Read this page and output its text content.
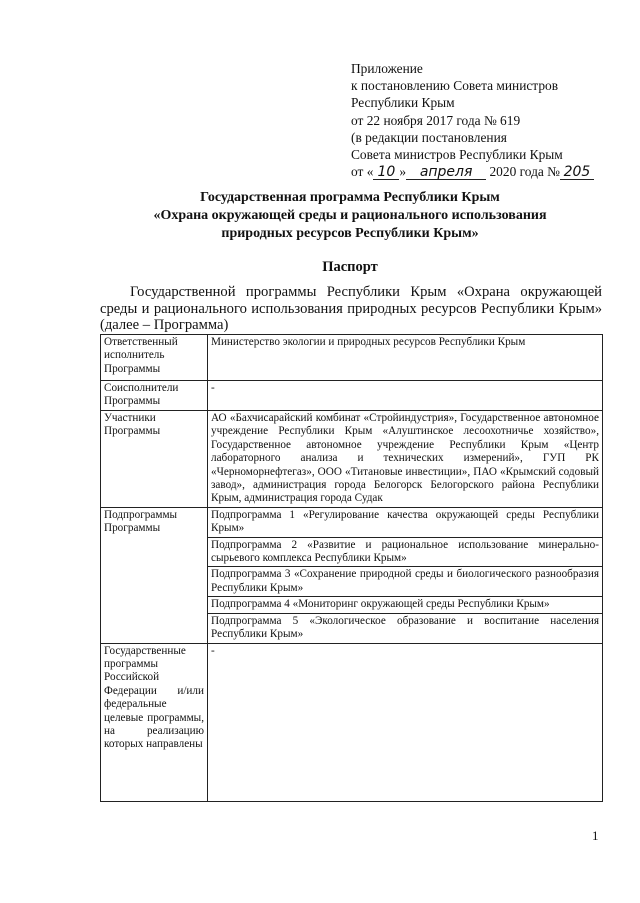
Приложение
к постановлению Совета министров
Республики Крым
от 22 ноября 2017 года № 619
(в редакции постановления
Совета министров Республики Крым
от « 10 » апреля 2020 года № 205
Государственная программа Республики Крым
«Охрана окружающей среды и рационального использования
природных ресурсов Республики Крым»
Паспорт
Государственной программы Республики Крым «Охрана окружающей среды и рационального использования природных ресурсов Республики Крым» (далее – Программа)
Ответственный исполнитель Программы	Министерство экологии и природных ресурсов Республики Крым
Соисполнители Программы	-
Участники Программы	АО «Бахчисарайский комбинат «Стройиндустрия», Государственное автономное учреждение Республики Крым «Алуштинское лесоохотничье хозяйство», Государственное автономное учреждение Республики Крым «Центр лабораторного анализа и технических измерений», ГУП РК «Черноморнефтегаз», ООО «Титановые инвестиции», ПАО «Крымский содовый завод», администрация города Белогорск Белогорского района Республики Крым, администрация города Судак
Подпрограммы Программы	Подпрограмма 1 «Регулирование качества окружающей среды Республики Крым»
	Подпрограмма 2 «Развитие и рациональное использование минерально-сырьевого комплекса Республики Крым»
	Подпрограмма 3 «Сохранение природной среды и биологического разнообразия Республики Крым»
	Подпрограмма 4 «Мониторинг окружающей среды Республики Крым»
	Подпрограмма 5 «Экологическое образование и воспитание населения Республики Крым»
Государственные программы Российской Федерации и/или федеральные целевые программы, на реализацию которых направлены	-
1
